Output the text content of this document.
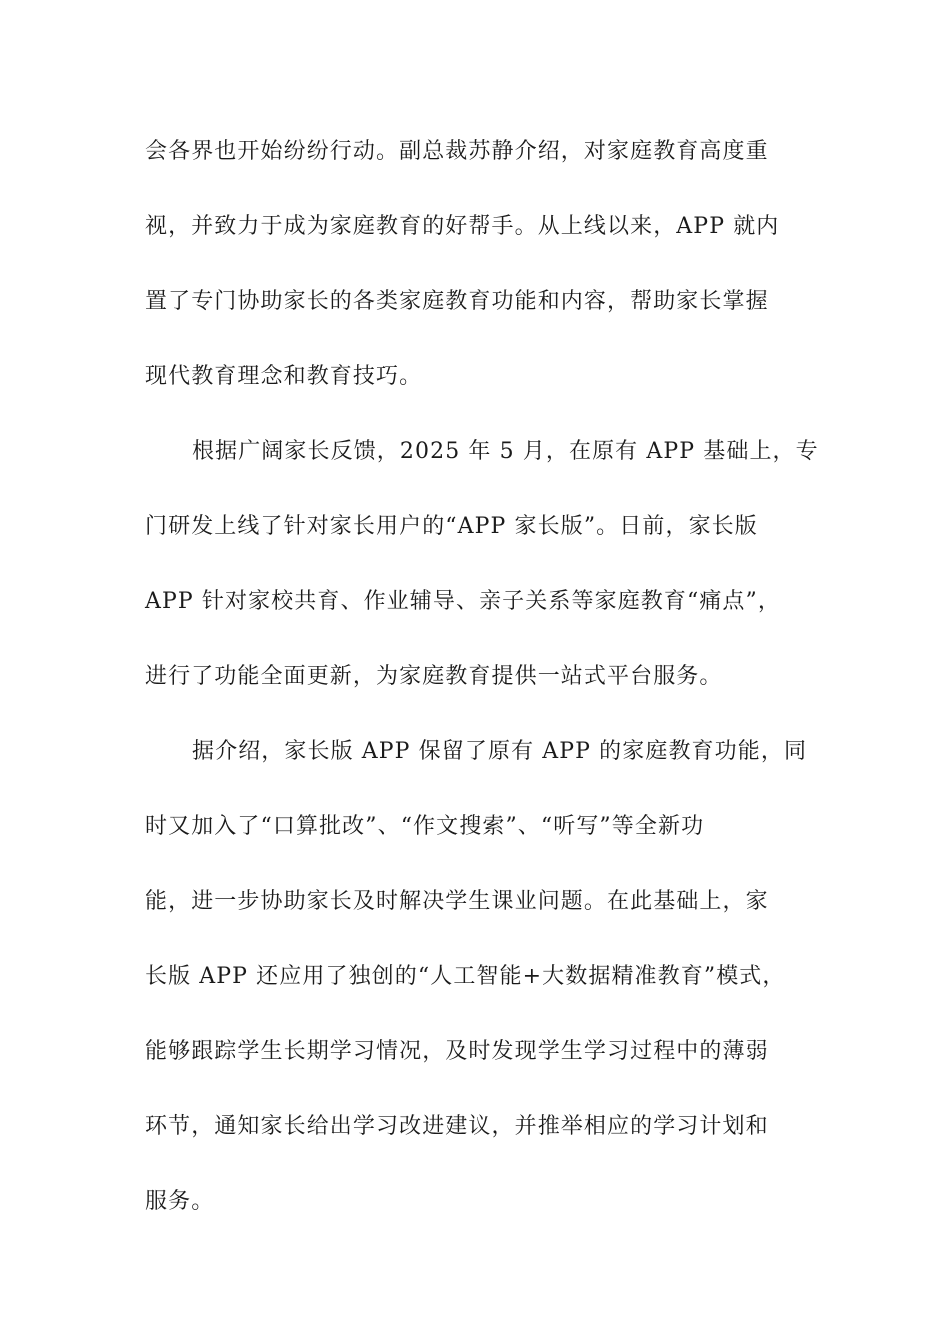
会各界也开始纷纷行动。副总裁苏静介绍，对家庭教育高度重
视，并致力于成为家庭教育的好帮手。从上线以来，APP 就内
置了专门协助家长的各类家庭教育功能和内容，帮助家长掌握
现代教育理念和教育技巧。
根据广阔家长反馈，2025 年 5 月，在原有 APP 基础上，专
门研发上线了针对家长用户的“APP 家长版”。日前，家长版
APP 针对家校共育、作业辅导、亲子关系等家庭教育“痛点”，
进行了功能全面更新，为家庭教育提供一站式平台服务。
据介绍，家长版 APP 保留了原有 APP 的家庭教育功能，同
时又加入了“口算批改”、“作文搜索”、“听写”等全新功
能，进一步协助家长及时解决学生课业问题。在此基础上，家
长版 APP 还应用了独创的“人工智能+大数据精准教育”模式，
能够跟踪学生长期学习情况，及时发现学生学习过程中的薄弱
环节，通知家长给出学习改进建议，并推举相应的学习计划和
服务。
